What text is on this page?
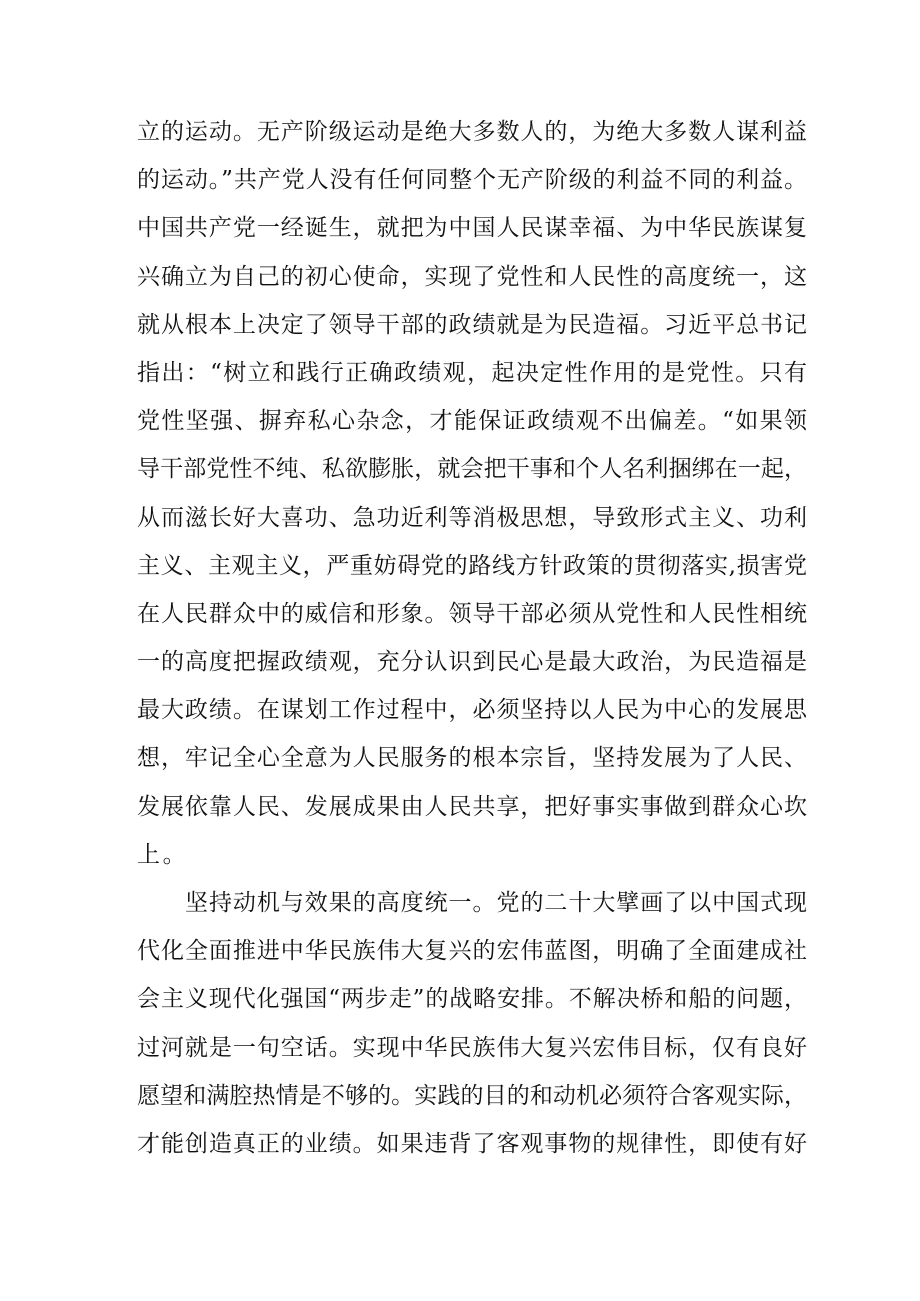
立的运动。无产阶级运动是绝大多数人的，为绝大多数人谋利益
的运动。”共产党人没有任何同整个无产阶级的利益不同的利益。
中国共产党一经诞生，就把为中国人民谋幸福、为中华民族谋复
兴确立为自己的初心使命，实现了党性和人民性的高度统一，这
就从根本上决定了领导干部的政绩就是为民造福。习近平总书记
指出：“树立和践行正确政绩观，起决定性作用的是党性。只有
党性坚强、摒弃私心杂念，才能保证政绩观不出偏差。“如果领
导干部党性不纯、私欲膨胀，就会把干事和个人名利捆绑在一起，
从而滋长好大喜功、急功近利等消极思想，导致形式主义、功利
主义、主观主义，严重妨碍党的路线方针政策的贯彻落实,损害党
在人民群众中的威信和形象。领导干部必须从党性和人民性相统
一的高度把握政绩观，充分认识到民心是最大政治，为民造福是
最大政绩。在谋划工作过程中，必须坚持以人民为中心的发展思
想，牢记全心全意为人民服务的根本宗旨，坚持发展为了人民、
发展依靠人民、发展成果由人民共享，把好事实事做到群众心坎
上。
坚持动机与效果的高度统一。党的二十大擘画了以中国式现
代化全面推进中华民族伟大复兴的宏伟蓝图，明确了全面建成社
会主义现代化强国“两步走”的战略安排。不解决桥和船的问题，
过河就是一句空话。实现中华民族伟大复兴宏伟目标，仅有良好
愿望和满腔热情是不够的。实践的目的和动机必须符合客观实际，
才能创造真正的业绩。如果违背了客观事物的规律性，即使有好
